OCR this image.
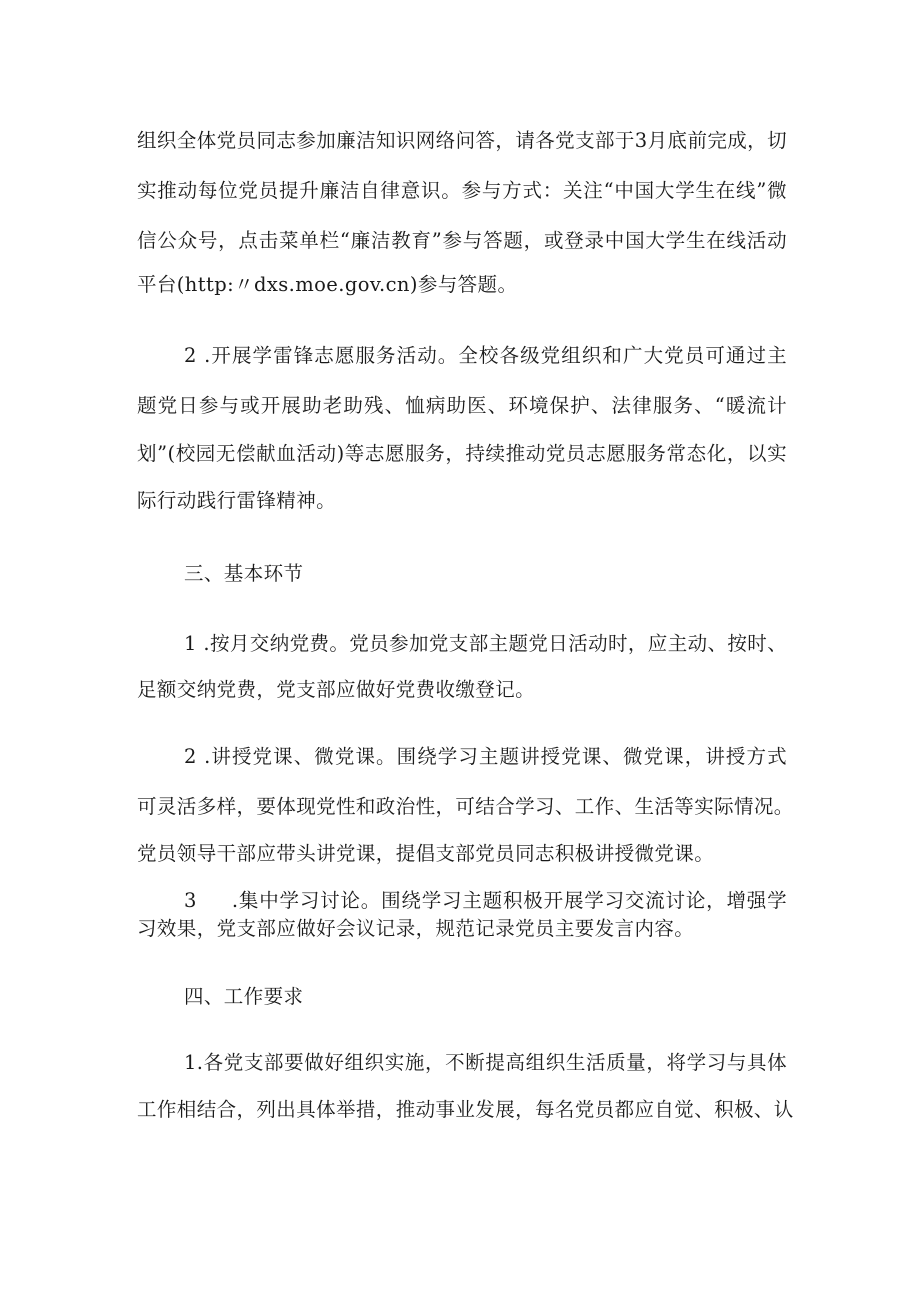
组织全体党员同志参加廉洁知识网络问答，请各党支部于3月底前完成，切
实推动每位党员提升廉洁自律意识。参与方式：关注“中国大学生在线”微
信公众号，点击菜单栏“廉洁教育”参与答题，或登录中国大学生在线活动
平台(http:〃dxs.moe.gov.cn)参与答题。
2 .开展学雷锋志愿服务活动。全校各级党组织和广大党员可通过主
题党日参与或开展助老助残、恤病助医、环境保护、法律服务、“暖流计
划”(校园无偿献血活动)等志愿服务，持续推动党员志愿服务常态化，以实
际行动践行雷锋精神。
三、基本环节
1 .按月交纳党费。党员参加党支部主题党日活动时，应主动、按时、
足额交纳党费，党支部应做好党费收缴登记。
2 .讲授党课、微党课。围绕学习主题讲授党课、微党课，讲授方式
可灵活多样，要体现党性和政治性，可结合学习、工作、生活等实际情况。
党员领导干部应带头讲党课，提倡支部党员同志积极讲授微党课。
3     .集中学习讨论。围绕学习主题积极开展学习交流讨论，增强学
习效果，党支部应做好会议记录，规范记录党员主要发言内容。
四、工作要求
1.各党支部要做好组织实施，不断提高组织生活质量，将学习与具体
工作相结合，列出具体举措，推动事业发展，每名党员都应自觉、积极、认
